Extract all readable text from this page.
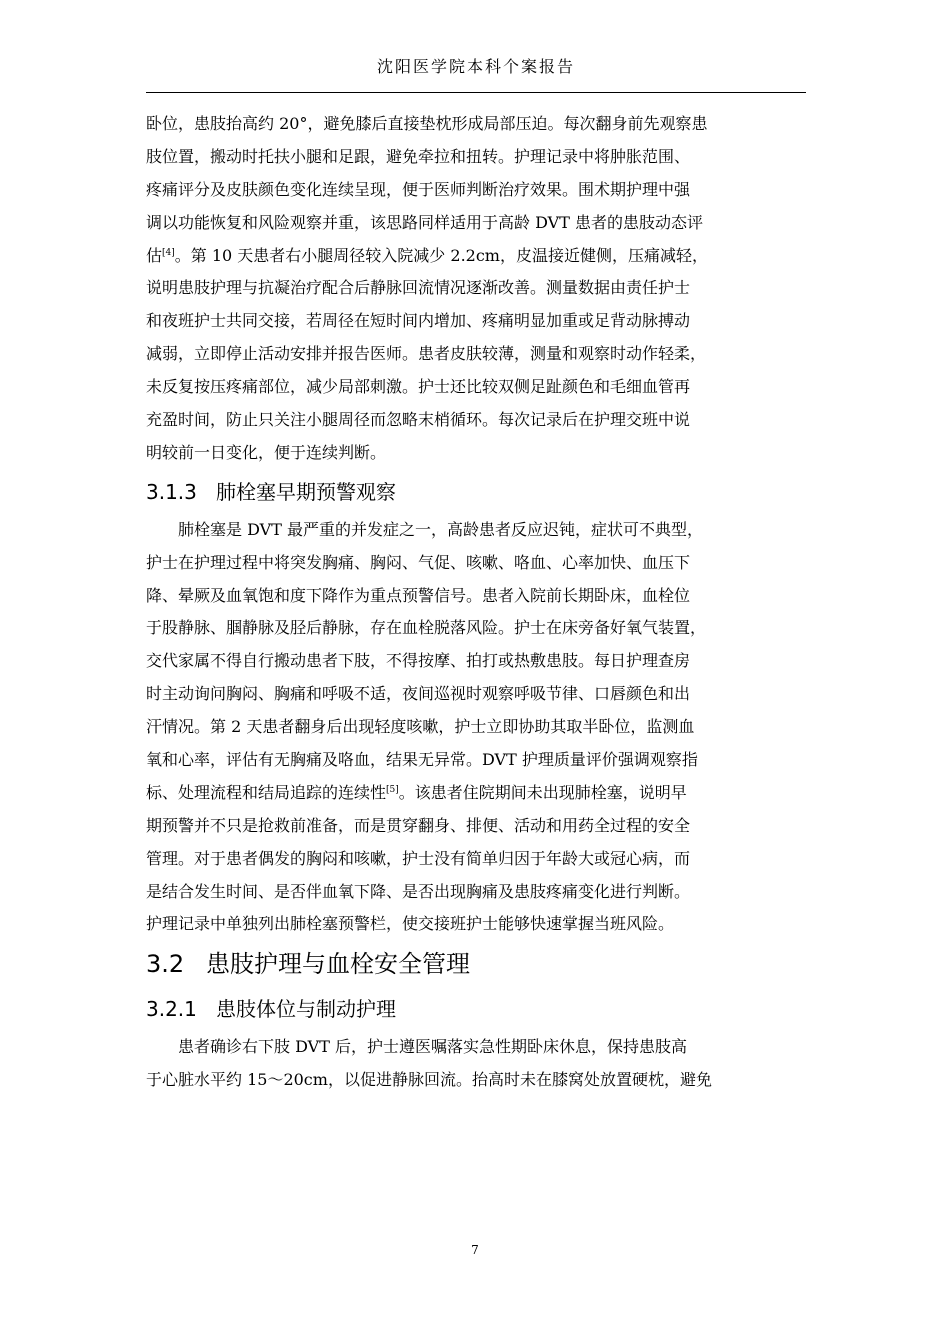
沈阳医学院本科个案报告

卧位，患肢抬高约 20°，避免膝后直接垫枕形成局部压迫。每次翻身前先观察患
肢位置，搬动时托扶小腿和足跟，避免牵拉和扭转。护理记录中将肿胀范围、
疼痛评分及皮肤颜色变化连续呈现，便于医师判断治疗效果。围术期护理中强
调以功能恢复和风险观察并重，该思路同样适用于高龄 DVT 患者的患肢动态评
估[4]。第 10 天患者右小腿周径较入院减少 2.2cm，皮温接近健侧，压痛减轻，
说明患肢护理与抗凝治疗配合后静脉回流情况逐渐改善。测量数据由责任护士
和夜班护士共同交接，若周径在短时间内增加、疼痛明显加重或足背动脉搏动
减弱，立即停止活动安排并报告医师。患者皮肤较薄，测量和观察时动作轻柔，
未反复按压疼痛部位，减少局部刺激。护士还比较双侧足趾颜色和毛细血管再
充盈时间，防止只关注小腿周径而忽略末梢循环。每次记录后在护理交班中说
明较前一日变化，便于连续判断。

3.1.3 肺栓塞早期预警观察

　　肺栓塞是 DVT 最严重的并发症之一，高龄患者反应迟钝，症状可不典型，
护士在护理过程中将突发胸痛、胸闷、气促、咳嗽、咯血、心率加快、血压下
降、晕厥及血氧饱和度下降作为重点预警信号。患者入院前长期卧床，血栓位
于股静脉、腘静脉及胫后静脉，存在血栓脱落风险。护士在床旁备好氧气装置，
交代家属不得自行搬动患者下肢，不得按摩、拍打或热敷患肢。每日护理查房
时主动询问胸闷、胸痛和呼吸不适，夜间巡视时观察呼吸节律、口唇颜色和出
汗情况。第 2 天患者翻身后出现轻度咳嗽，护士立即协助其取半卧位，监测血
氧和心率，评估有无胸痛及咯血，结果无异常。DVT 护理质量评价强调观察指
标、处理流程和结局追踪的连续性[5]。该患者住院期间未出现肺栓塞，说明早
期预警并不只是抢救前准备，而是贯穿翻身、排便、活动和用药全过程的安全
管理。对于患者偶发的胸闷和咳嗽，护士没有简单归因于年龄大或冠心病，而
是结合发生时间、是否伴血氧下降、是否出现胸痛及患肢疼痛变化进行判断。
护理记录中单独列出肺栓塞预警栏，使交接班护士能够快速掌握当班风险。

3.2 患肢护理与血栓安全管理
3.2.1 患肢体位与制动护理

　　患者确诊右下肢 DVT 后，护士遵医嘱落实急性期卧床休息，保持患肢高
于心脏水平约 15～20cm，以促进静脉回流。抬高时未在膝窝处放置硬枕，避免

7
